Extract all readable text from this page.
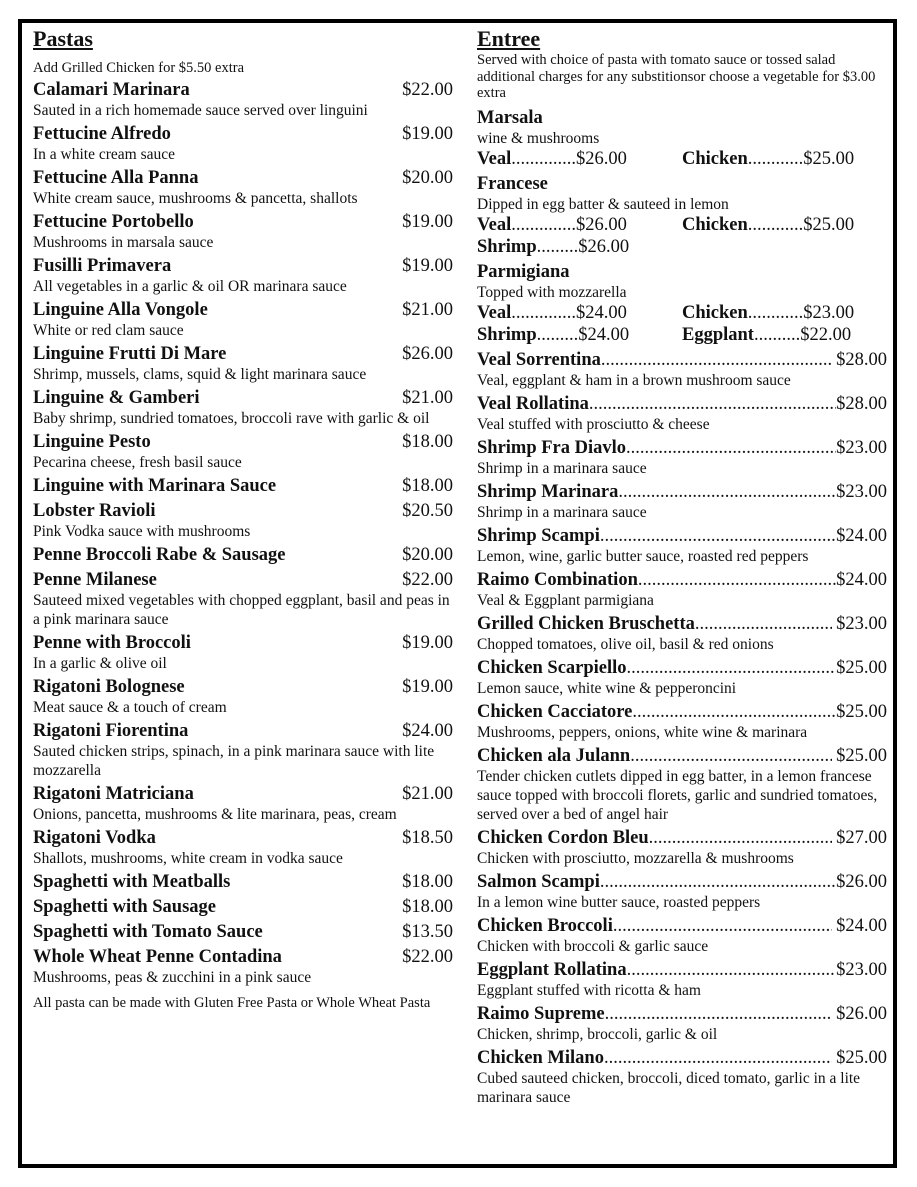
Pastas
Add Grilled Chicken for $5.50 extra
Calamari Marinara	$22.00
Sauted in a rich homemade sauce served over linguini
Fettucine Alfredo	$19.00
In a white cream sauce
Fettucine Alla Panna	$20.00
White cream sauce, mushrooms & pancetta, shallots
Fettucine Portobello	$19.00
Mushrooms in marsala sauce
Fusilli Primavera	$19.00
All vegetables in a garlic & oil OR marinara sauce
Linguine Alla Vongole	$21.00
White or red clam sauce
Linguine Frutti Di Mare	$26.00
Shrimp, mussels, clams, squid & light marinara sauce
Linguine & Gamberi	$21.00
Baby shrimp, sundried tomatoes, broccoli rave with garlic & oil
Linguine Pesto	$18.00
Pecarina cheese, fresh basil sauce
Linguine with Marinara Sauce	$18.00
Lobster Ravioli	$20.50
Pink Vodka sauce with mushrooms
Penne Broccoli Rabe & Sausage	$20.00
Penne Milanese	$22.00
Sauteed mixed vegetables with chopped eggplant, basil and peas in a pink marinara sauce
Penne with Broccoli	$19.00
In a garlic & olive oil
Rigatoni Bolognese	$19.00
Meat sauce & a touch of cream
Rigatoni Fiorentina	$24.00
Sauted chicken strips, spinach, in a pink marinara sauce with lite mozzarella
Rigatoni Matriciana	$21.00
Onions, pancetta, mushrooms & lite marinara, peas, cream
Rigatoni Vodka	$18.50
Shallots, mushrooms, white cream in vodka sauce
Spaghetti with Meatballs	$18.00
Spaghetti with Sausage	$18.00
Spaghetti with Tomato Sauce	$13.50
Whole Wheat Penne Contadina	$22.00
Mushrooms, peas & zucchini in a pink sauce
All pasta can be made with Gluten Free Pasta or Whole Wheat Pasta
Entree
Served with choice of pasta with tomato sauce or tossed salad additional charges for any substitionsor choose a vegetable for $3.00 extra
Marsala
wine & mushrooms
Veal .............. $26.00	Chicken ............ $25.00
Francese
Dipped in egg batter & sauteed in lemon
Veal .............. $26.00	Chicken ............ $25.00
Shrimp ......... $26.00
Parmigiana
Topped with mozzarella
Veal .............. $24.00	Chicken ............ $23.00
Shrimp ......... $24.00	Eggplant .......... $22.00
Veal Sorrentina .....	$28.00
Veal, eggplant & ham in a brown mushroom sauce
Veal Rollatina .....	$28.00
Veal stuffed with prosciutto & cheese
Shrimp Fra Diavlo .....	$23.00
Shrimp in a marinara sauce
Shrimp Marinara .....	$23.00
Shrimp in a marinara sauce
Shrimp Scampi .....	$24.00
Lemon, wine, garlic butter sauce, roasted red peppers
Raimo Combination .....	$24.00
Veal & Eggplant parmigiana
Grilled Chicken Bruschetta .....	$23.00
Chopped tomatoes, olive oil, basil & red onions
Chicken Scarpiello .....	$25.00
Lemon sauce, white wine & pepperoncini
Chicken Cacciatore .....	$25.00
Mushrooms, peppers, onions, white wine & marinara
Chicken ala Julann .....	$25.00
Tender chicken cutlets dipped in egg batter, in a lemon francese sauce topped with broccoli florets, garlic and sundried tomatoes, served over a bed of angel hair
Chicken Cordon Bleu .....	$27.00
Chicken with prosciutto, mozzarella & mushrooms
Salmon Scampi .....	$26.00
In a lemon wine butter sauce, roasted peppers
Chicken Broccoli .....	$24.00
Chicken with broccoli & garlic sauce
Eggplant Rollatina .....	$23.00
Eggplant stuffed with ricotta & ham
Raimo Supreme .....	$26.00
Chicken, shrimp, broccoli, garlic & oil
Chicken Milano .....	$25.00
Cubed sauteed chicken, broccoli, diced tomato, garlic in a lite marinara sauce
